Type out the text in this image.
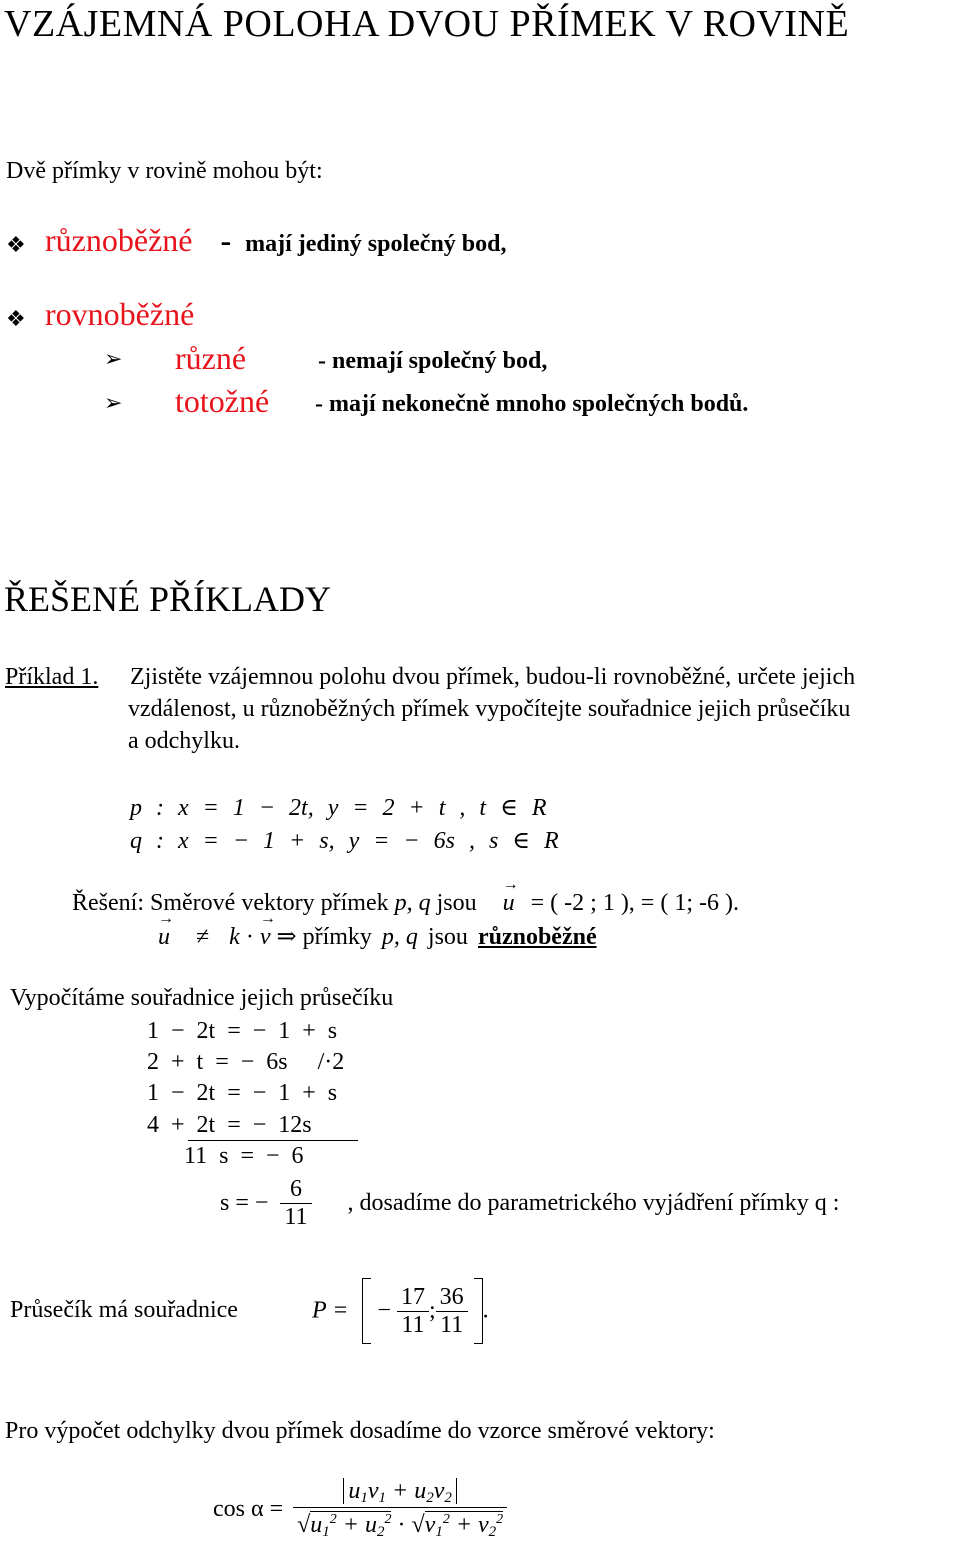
VZÁJEMNÁ POLOHA DVOU PŘÍMEK V ROVINĚ
Dvě přímky v rovině mohou být:
❖ různoběžné - mají jediný společný bod,
❖ rovnoběžné
➢ různé	- nemají společný bod,
➢ totožné - mají nekonečně mnoho společných bodů.
ŘEŠENÉ PŘÍKLADY
Příklad 1. Zjistěte vzájemnou polohu dvou přímek, budou-li rovnoběžné, určete jejich
vzdálenost, u různoběžných přímek vypočítejte souřadnice jejich průsečíku
a odchylku.
p : x = 1 − 2t, y = 2 + t , t ∈ R
q : x = − 1 + s, y = − 6s , s ∈ R
Řešení: Směrové vektory přímek p, q jsou → u = ( -2 ; 1 ), = ( 1; -6 ).
→ u ≠ k · → v ⇒ přímky p, q jsou různoběžné
Vypočítáme souřadnice jejich průsečíku
1 − 2t = − 1 + s
2 + t = − 6s /·2
1 − 2t = − 1 + s
4 + 2t = − 12s
11 s = − 6
s = − $\frac{6}{11}$ , dosadíme do parametrického vyjádření přímky q :
Průsečík má souřadnice	P = − $\frac{17}{11}$ ; $\frac{36}{11}$ .
Pro výpočet odchylky dvou přímek dosadíme do vzorce směrové vektory:
$\cos \alpha = \frac{u_1v_1 + u_2v_2}{√u_1^2 + u_2^2 \cdot √v_1^2 + v_2^2}$
